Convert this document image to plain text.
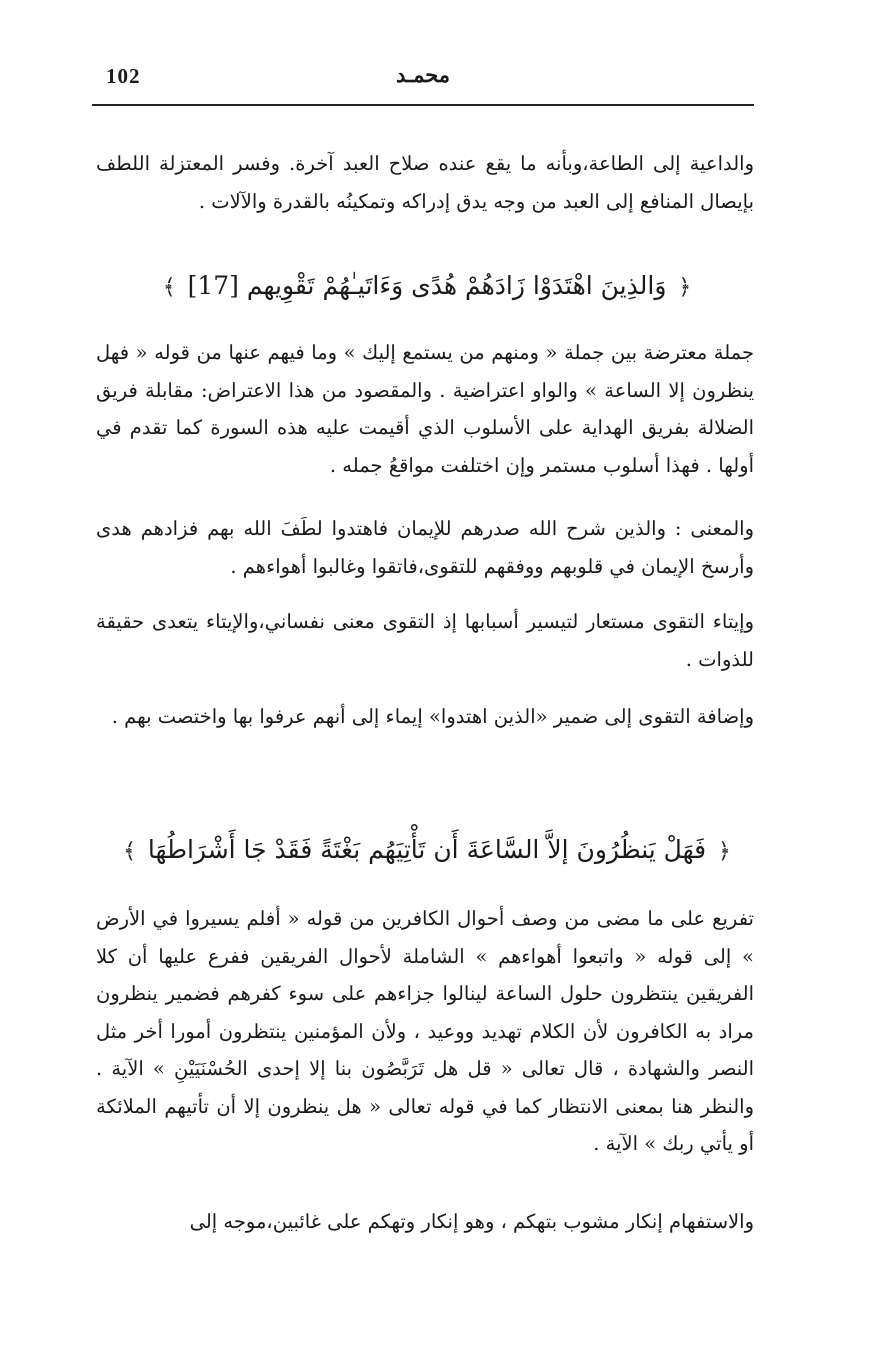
102	محمـد

والداعية إلى الطاعة،وبأنه ما يقع عنده صلاح العبد آخرة. وفسر المعتزلة اللطف بإيصال المنافع إلى العبد من وجه يدق إدراكه وتمكينُه بالقدرة والآلات .

﴿ وَالذِينَ اهْتَدَوْا زَادَهُمْ هُدًى وَءَاتَيـٰهُمْ تَقْوِيهم [17] ﴾

جملة معترضة بين جملة « ومنهم من يستمع إليك » وما فيهم عنها من قوله « فهل ينظرون إلا الساعة » والواو اعتراضية . والمقصود من هذا الاعتراض: مقابلة فريق الضلالة بفريق الهداية على الأسلوب الذي أقيمت عليه هذه السورة كما تقدم في أولها . فهذا أسلوب مستمر وإن اختلفت مواقعُ جمله .

والمعنى : والذين شرح الله صدرهم للإيمان فاهتدوا لطَفَ الله بهم فزادهم هدى وأرسخ الإيمان في قلوبهم ووفقهم للتقوى،فاتقوا وغالبوا أهواءهم .

وإيتاء التقوى مستعار لتيسير أسبابها إذ التقوى معنى نفساني،والإيتاء يتعدى حقيقة للذوات .

وإضافة التقوى إلى ضمير «الذين اهتدوا» إيماء إلى أنهم عرفوا بها واختصت بهم .

﴿ فَهَلْ يَنظُرُونَ إلاَّ السَّاعَةَ أَن تَأْتِيَهُم بَغْتَةً فَقَدْ جَا أَشْرَاطُهَا ﴾

تفريع على ما مضى من وصف أحوال الكافرين من قوله « أفلم يسيروا في الأرض » إلى قوله « واتبعوا أهواءهم » الشاملة لأحوال الفريقين ففرع عليها أن كلا الفريقين ينتظرون حلول الساعة لينالوا جزاءهم على سوء كفرهم فضمير ينظرون مراد به الكافرون لأن الكلام تهديد ووعيد ، ولأن المؤمنين ينتظرون أمورا أخر مثل النصر والشهادة ، قال تعالى « قل هل تَرَبَّصُون بنا إلا إحدى الحُسْنَيَيْنِ » الآية . والنظر هنا بمعنى الانتظار كما في قوله تعالى « هل ينظرون إلا أن تأتيهم الملائكة أو يأتي ربك » الآية .

والاستفهام إنكار مشوب بتهكم ، وهو إنكار وتهكم على غائبين،موجه إلى
